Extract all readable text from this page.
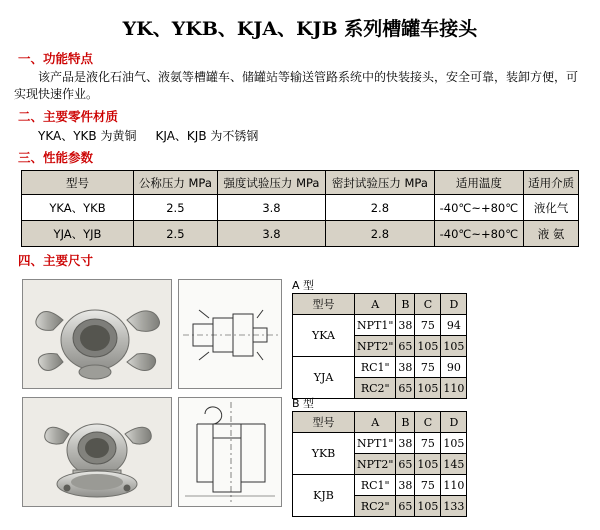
YK、YKB、KJA、KJB 系列槽罐车接头
一、功能特点
该产品是液化石油气、液氨等槽罐车、储罐站等输送管路系统中的快装接头，安全可靠，装卸方便，可实现快速作业。
二、主要零件材质
YKA、YKB 为黄铜     KJA、KJB 为不锈钢
三、性能参数
型号	公称压力 MPa	强度试验压力 MPa	密封试验压力 MPa	适用温度	适用介质
YKA、YKB	2.5	3.8	2.8	-40℃~+80℃	液化气
YJA、YJB	2.5	3.8	2.8	-40℃~+80℃	液 氨
四、主要尺寸
A 型
型号	A	B	C	D
YKA	NPT1"	38	75	94
	NPT2"	65	105	105
YJA	RC1"	38	75	90
	RC2"	65	105	110
B 型
型号	A	B	C	D
YKB	NPT1"	38	75	105
	NPT2"	65	105	145
KJB	RC1"	38	75	110
	RC2"	65	105	133
